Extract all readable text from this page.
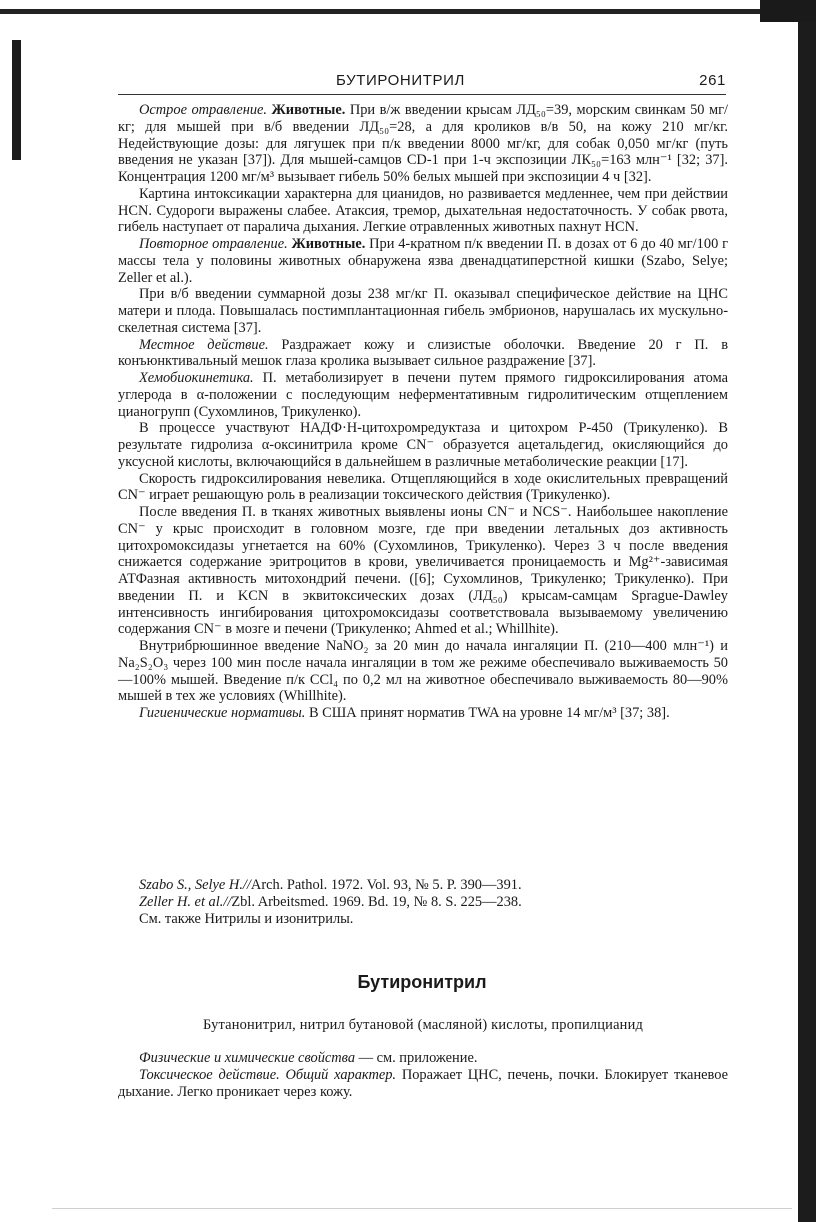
БУТИРОНИТРИЛ	261

Острое отравление. Животные. При в/ж введении крысам ЛД₅₀=39, морским свинкам 50 мг/кг; для мышей при в/б введении ЛД₅₀=28, а для кроликов в/в 50, на кожу 210 мг/кг. Недействующие дозы: для лягушек при п/к введении 8000 мг/кг, для собак 0,050 мг/кг (путь введения не указан [37]). Для мышей-самцов CD-1 при 1-ч экспозиции ЛК₅₀=163 млн⁻¹ [32; 37]. Концентрация 1200 мг/м³ вызывает гибель 50% белых мышей при экспозиции 4 ч [32].

Картина интоксикации характерна для цианидов, но развивается медленнее, чем при действии HCN. Судороги выражены слабее. Атаксия, тремор, дыхательная недостаточность. У собак рвота, гибель наступает от паралича дыхания. Легкие отравленных животных пахнут HCN.

Повторное отравление. Животные. При 4-кратном п/к введении П. в дозах от 6 до 40 мг/100 г массы тела у половины животных обнаружена язва двенадцатиперстной кишки (Szabo, Selye; Zeller et al.).

При в/б введении суммарной дозы 238 мг/кг П. оказывал специфическое действие на ЦНС матери и плода. Повышалась постимплантационная гибель эмбрионов, нарушалась их мускульно-скелетная система [37].

Местное действие. Раздражает кожу и слизистые оболочки. Введение 20 г П. в конъюнктивальный мешок глаза кролика вызывает сильное раздражение [37].

Хемобиокинетика. П. метаболизирует в печени путем прямого гидроксилирования атома углерода в α-положении с последующим неферментативным гидролитическим отщеплением цианогрупп (Сухомлинов, Трикуленко).

В процессе участвуют НАДФ·Н-цитохромредуктаза и цитохром Р-450 (Трикуленко). В результате гидролиза α-оксинитрила кроме CN⁻ образуется ацетальдегид, окисляющийся до уксусной кислоты, включающийся в дальнейшем в различные метаболические реакции [17].

Скорость гидроксилирования невелика. Отщепляющийся в ходе окислительных превращений CN⁻ играет решающую роль в реализации токсического действия (Трикуленко).

После введения П. в тканях животных выявлены ионы CN⁻ и NCS⁻. Наибольшее накопление CN⁻ у крыс происходит в головном мозге, где при введении летальных доз активность цитохромоксидазы угнетается на 60% (Сухомлинов, Трикуленко). Через 3 ч после введения снижается содержание эритроцитов в крови, увеличивается проницаемость и Mg²⁺-зависимая АТФазная активность митохондрий печени. ([6]; Сухомлинов, Трикуленко; Трикуленко). При введении П. и KCN в эквитоксических дозах (ЛД₅₀) крысам-самцам Sprague-Dawley интенсивность ингибирования цитохромоксидазы соответствовала вызываемому увеличению содержания CN⁻ в мозге и печени (Трикуленко; Ahmed et al.; Whillhite).

Внутрибрюшинное введение NaNO₂ за 20 мин до начала ингаляции П. (210—400 млн⁻¹) и Na₂S₂O₃ через 100 мин после начала ингаляции в том же режиме обеспечивало выживаемость 50—100% мышей. Введение п/к CCl₄ по 0,2 мл на животное обеспечивало выживаемость 80—90% мышей в тех же условиях (Whillhite).

Гигиенические нормативы. В США принят норматив TWA на уровне 14 мг/м³ [37; 38].

Szabo S., Selye H.//Arch. Pathol. 1972. Vol. 93, № 5. P. 390—391.

Zeller H. et al.//Zbl. Arbeitsmed. 1969. Bd. 19, № 8. S. 225—238.

См. также Нитрилы и изонитрилы.

Бутиронитрил
Бутанонитрил, нитрил бутановой (масляной) кислоты, пропилцианид

Физические и химические свойства — см. приложение.

Токсическое действие. Общий характер. Поражает ЦНС, печень, почки. Блокирует тканевое дыхание. Легко проникает через кожу.
